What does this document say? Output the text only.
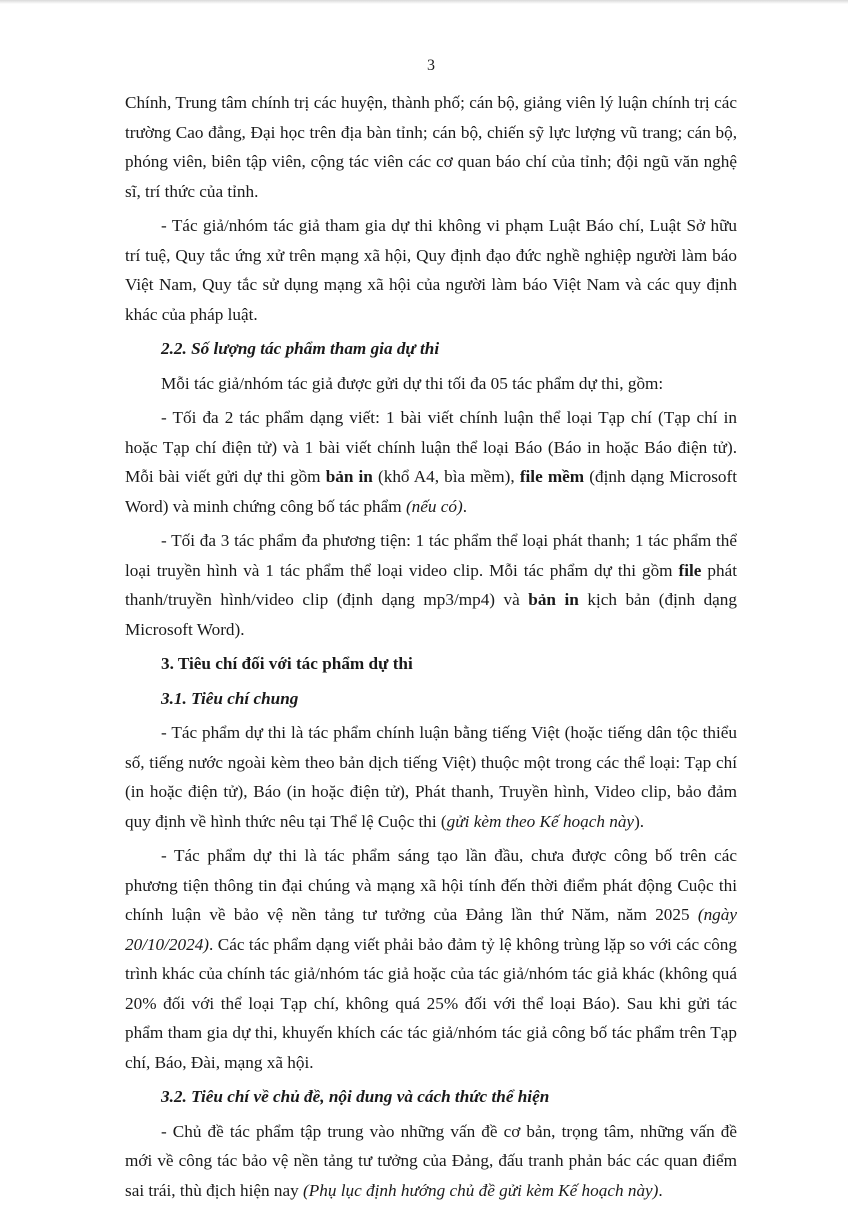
3

Chính, Trung tâm chính trị các huyện, thành phố; cán bộ, giảng viên lý luận chính trị các trường Cao đẳng, Đại học trên địa bàn tỉnh; cán bộ, chiến sỹ lực lượng vũ trang; cán bộ, phóng viên, biên tập viên, cộng tác viên các cơ quan báo chí của tỉnh; đội ngũ văn nghệ sĩ, trí thức của tỉnh.

- Tác giả/nhóm tác giả tham gia dự thi không vi phạm Luật Báo chí, Luật Sở hữu trí tuệ, Quy tắc ứng xử trên mạng xã hội, Quy định đạo đức nghề nghiệp người làm báo Việt Nam, Quy tắc sử dụng mạng xã hội của người làm báo Việt Nam và các quy định khác của pháp luật.

2.2. Số lượng tác phẩm tham gia dự thi

Mỗi tác giả/nhóm tác giả được gửi dự thi tối đa 05 tác phẩm dự thi, gồm:

- Tối đa 2 tác phẩm dạng viết: 1 bài viết chính luận thể loại Tạp chí (Tạp chí in hoặc Tạp chí điện tử) và 1 bài viết chính luận thể loại Báo (Báo in hoặc Báo điện tử). Mỗi bài viết gửi dự thi gồm bản in (khổ A4, bìa mềm), file mềm (định dạng Microsoft Word) và minh chứng công bố tác phẩm (nếu có).

- Tối đa 3 tác phẩm đa phương tiện: 1 tác phẩm thể loại phát thanh; 1 tác phẩm thể loại truyền hình và 1 tác phẩm thể loại video clip. Mỗi tác phẩm dự thi gồm file phát thanh/truyền hình/video clip (định dạng mp3/mp4) và bản in kịch bản (định dạng Microsoft Word).

3. Tiêu chí đối với tác phẩm dự thi

3.1. Tiêu chí chung

- Tác phẩm dự thi là tác phẩm chính luận bằng tiếng Việt (hoặc tiếng dân tộc thiểu số, tiếng nước ngoài kèm theo bản dịch tiếng Việt) thuộc một trong các thể loại: Tạp chí (in hoặc điện tử), Báo (in hoặc điện tử), Phát thanh, Truyền hình, Video clip, bảo đảm quy định về hình thức nêu tại Thể lệ Cuộc thi (gửi kèm theo Kế hoạch này).

- Tác phẩm dự thi là tác phẩm sáng tạo lần đầu, chưa được công bố trên các phương tiện thông tin đại chúng và mạng xã hội tính đến thời điểm phát động Cuộc thi chính luận về bảo vệ nền tảng tư tưởng của Đảng lần thứ Năm, năm 2025 (ngày 20/10/2024). Các tác phẩm dạng viết phải bảo đảm tỷ lệ không trùng lặp so với các công trình khác của chính tác giả/nhóm tác giả hoặc của tác giả/nhóm tác giả khác (không quá 20% đối với thể loại Tạp chí, không quá 25% đối với thể loại Báo). Sau khi gửi tác phẩm tham gia dự thi, khuyến khích các tác giả/nhóm tác giả công bố tác phẩm trên Tạp chí, Báo, Đài, mạng xã hội.

3.2. Tiêu chí về chủ đề, nội dung và cách thức thể hiện

- Chủ đề tác phẩm tập trung vào những vấn đề cơ bản, trọng tâm, những vấn đề mới về công tác bảo vệ nền tảng tư tưởng của Đảng, đấu tranh phản bác các quan điểm sai trái, thù địch hiện nay (Phụ lục định hướng chủ đề gửi kèm Kế hoạch này).
